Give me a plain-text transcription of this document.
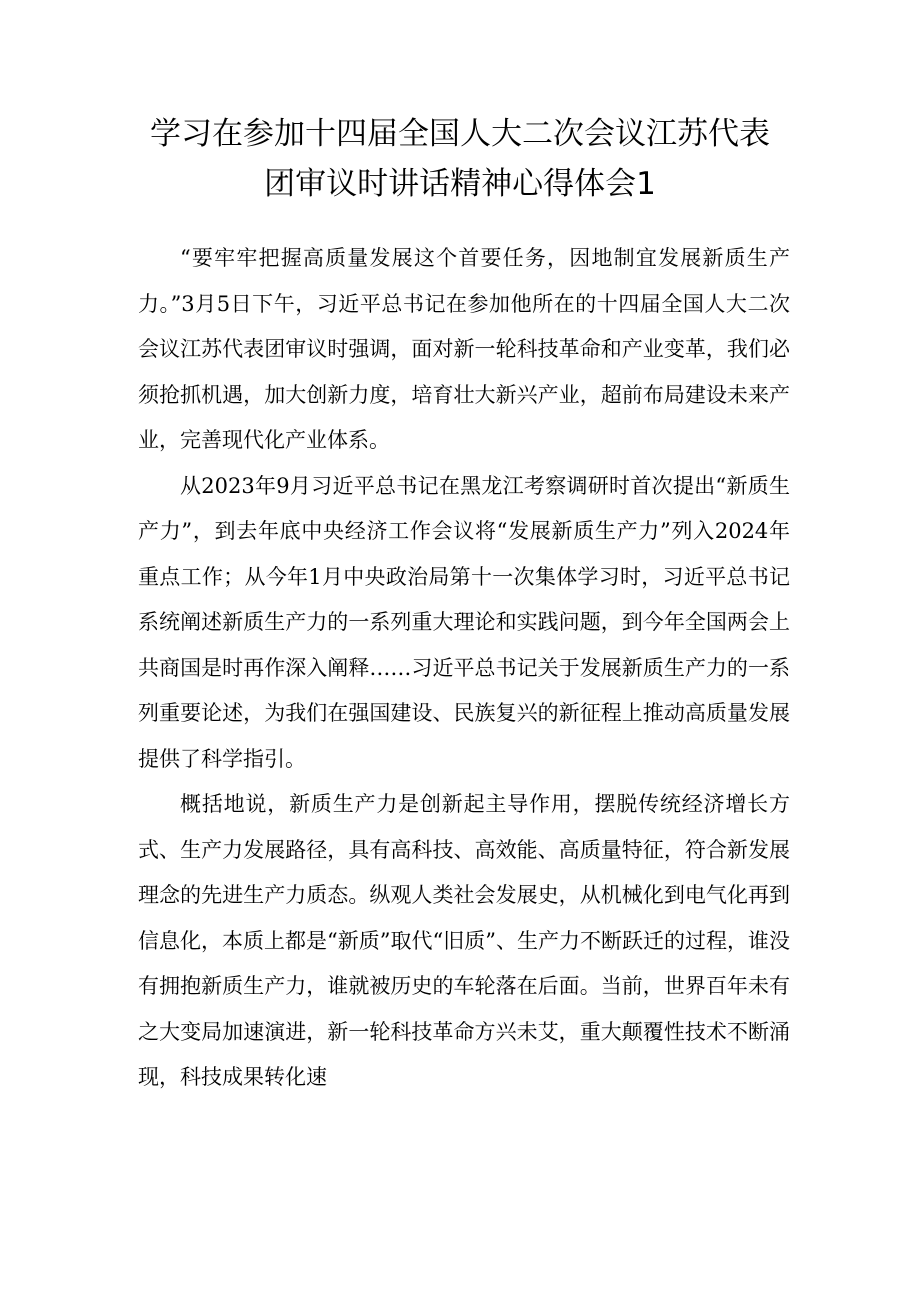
学习在参加十四届全国人大二次会议江苏代表
团审议时讲话精神心得体会1

“要牢牢把握高质量发展这个首要任务，因地制宜发展新质生产力。”3月5日下午，习近平总书记在参加他所在的十四届全国人大二次会议江苏代表团审议时强调，面对新一轮科技革命和产业变革，我们必须抢抓机遇，加大创新力度，培育壮大新兴产业，超前布局建设未来产业，完善现代化产业体系。

从2023年9月习近平总书记在黑龙江考察调研时首次提出“新质生产力”，到去年底中央经济工作会议将“发展新质生产力”列入2024年重点工作；从今年1月中央政治局第十一次集体学习时，习近平总书记系统阐述新质生产力的一系列重大理论和实践问题，到今年全国两会上共商国是时再作深入阐释……习近平总书记关于发展新质生产力的一系列重要论述，为我们在强国建设、民族复兴的新征程上推动高质量发展提供了科学指引。

概括地说，新质生产力是创新起主导作用，摆脱传统经济增长方式、生产力发展路径，具有高科技、高效能、高质量特征，符合新发展理念的先进生产力质态。纵观人类社会发展史，从机械化到电气化再到信息化，本质上都是“新质”取代“旧质”、生产力不断跃迁的过程，谁没有拥抱新质生产力，谁就被历史的车轮落在后面。当前，世界百年未有之大变局加速演进，新一轮科技革命方兴未艾，重大颠覆性技术不断涌现，科技成果转化速
